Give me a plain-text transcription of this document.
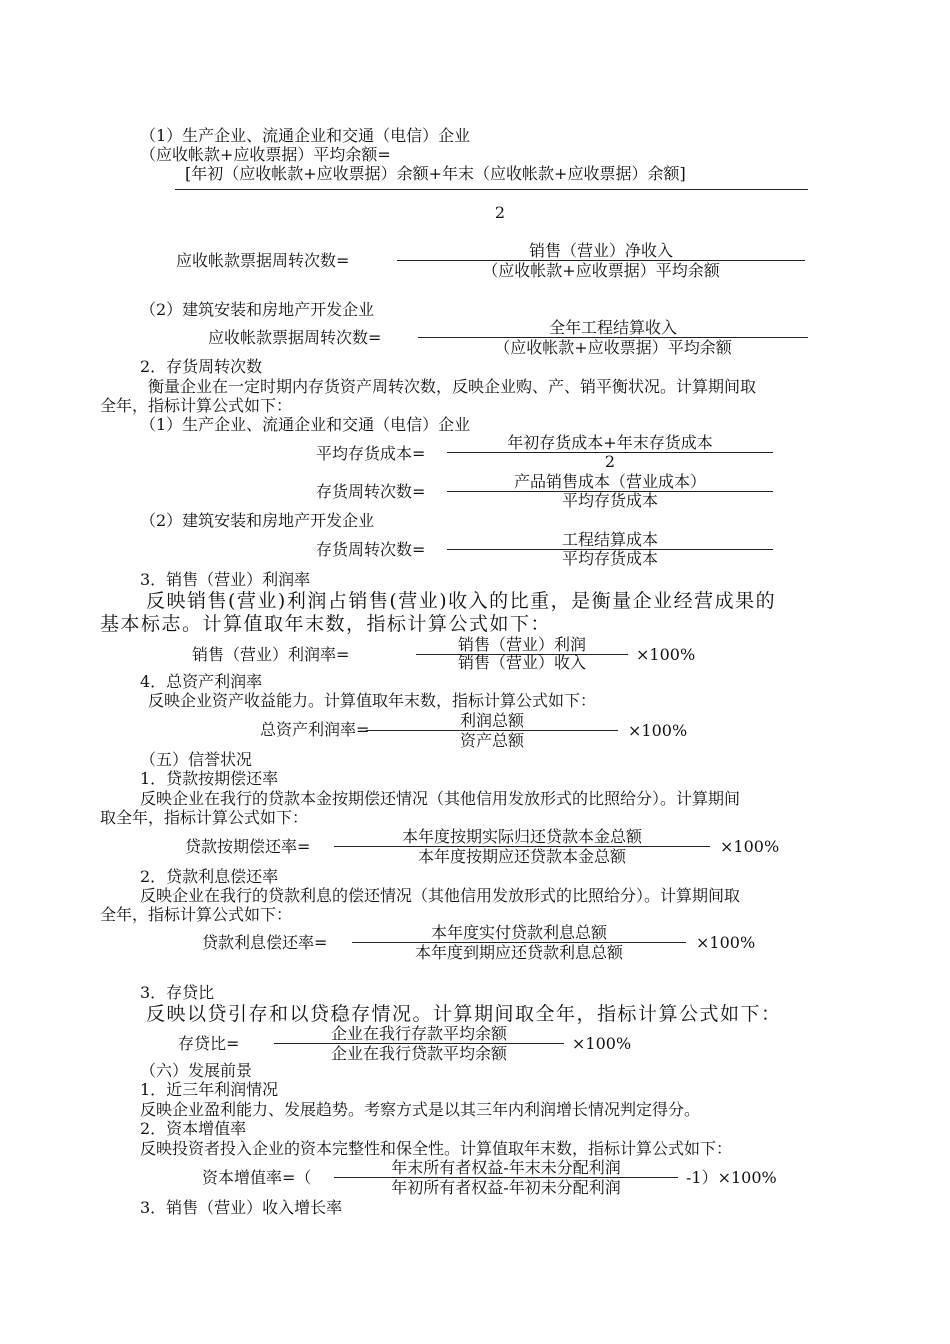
（1）生产企业、流通企业和交通（电信）企业
（应收帐款+应收票据）平均余额=
[年初（应收帐款+应收票据）余额+年末（应收帐款+应收票据）余额]
2
应收帐款票据周转次数=
销售（营业）净收入
（应收帐款+应收票据）平均余额
（2）建筑安装和房地产开发企业
应收帐款票据周转次数=
全年工程结算收入
（应收帐款+应收票据）平均余额
2．存货周转次数
衡量企业在一定时期内存货资产周转次数，反映企业购、产、销平衡状况。计算期间取
全年，指标计算公式如下：
（1）生产企业、流通企业和交通（电信）企业
平均存货成本=
年初存货成本+年末存货成本
2
存货周转次数=
产品销售成本（营业成本）
平均存货成本
（2）建筑安装和房地产开发企业
存货周转次数=
工程结算成本
平均存货成本
3．销售（营业）利润率
反映销售(营业)利润占销售(营业)收入的比重，是衡量企业经营成果的
基本标志。计算值取年末数，指标计算公式如下：
销售（营业）利润率=
销售（营业）利润
销售（营业）收入	×100%
4．总资产利润率
反映企业资产收益能力。计算值取年末数，指标计算公式如下：
总资产利润率=	利润总额
资产总额
×100%
（五）信誉状况
1．贷款按期偿还率
反映企业在我行的贷款本金按期偿还情况（其他信用发放形式的比照给分）。计算期间
取全年，指标计算公式如下：
贷款按期偿还率=
本年度按期实际归还贷款本金总额
本年度按期应还贷款本金总额
×100%
2．贷款利息偿还率
反映企业在我行的贷款利息的偿还情况（其他信用发放形式的比照给分）。计算期间取
全年，指标计算公式如下：
贷款利息偿还率=
本年度实付贷款利息总额
本年度到期应还贷款利息总额
×100%
3．存贷比
反映以贷引存和以贷稳存情况。计算期间取全年，指标计算公式如下：
存贷比=
企业在我行存款平均余额
企业在我行贷款平均余额
×100%
（六）发展前景
1．近三年利润情况
反映企业盈利能力、发展趋势。考察方式是以其三年内利润增长情况判定得分。
2．资本增值率
反映投资者投入企业的资本完整性和保全性。计算值取年末数，指标计算公式如下：
资本增值率=（
年末所有者权益-年末未分配利润
年初所有者权益-年初未分配利润
-1）×100%
3．销售（营业）收入增长率
